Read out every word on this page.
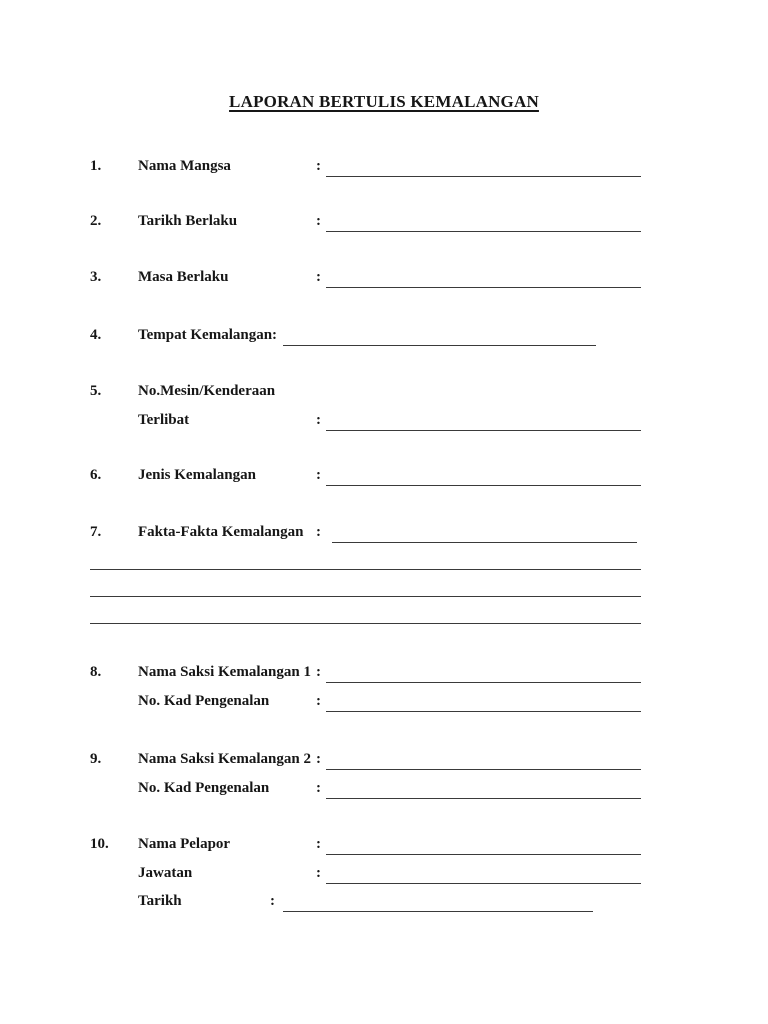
LAPORAN BERTULIS KEMALANGAN
1. Nama Mangsa	:
2. Tarikh Berlaku	:
3. Masa Berlaku	:
4. Tempat Kemalangan:
5. No.Mesin/Kenderaan
Terlibat	:
6. Jenis Kemalangan	:
7. Fakta-Fakta Kemalangan :
8. Nama Saksi Kemalangan 1 :
No. Kad Pengenalan	:
9. Nama Saksi Kemalangan 2 :
No. Kad Pengenalan	:
10. Nama Pelapor	:
Jawatan	:
Tarikh	:
